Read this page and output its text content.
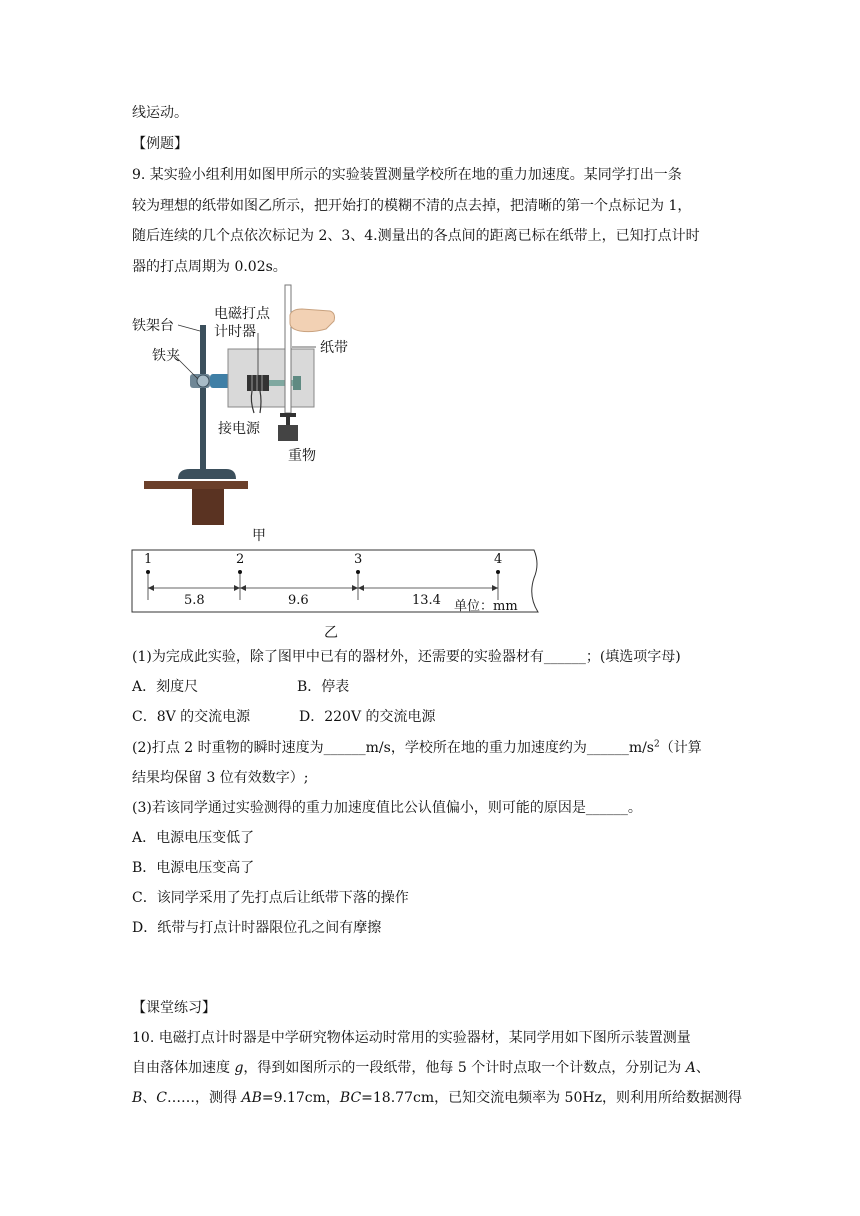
线运动。
【例题】
9. 某实验小组利用如图甲所示的实验装置测量学校所在地的重力加速度。某同学打出一条
较为理想的纸带如图乙所示，把开始打的模糊不清的点去掉，把清晰的第一个点标记为 1，
随后连续的几个点依次标记为 2、3、4.测量出的各点间的距离已标在纸带上，已知打点计时
器的打点周期为 0.02s。
铁架台
铁夹
电磁打点
计时器
纸带
接电源
重物
甲
1	2	3	4
5.8	9.6	13.4 单位：mm
乙
(1)为完成此实验，除了图甲中已有的器材外，还需要的实验器材有______；(填选项字母)
A．刻度尺	B．停表
C．8V 的交流电源	D．220V 的交流电源
(2)打点 2 时重物的瞬时速度为______m/s，学校所在地的重力加速度约为$\_\_\_\_\_\_m/s^2$（计算
结果均保留 3 位有效数字）;
(3)若该同学通过实验测得的重力加速度值比公认值偏小，则可能的原因是______。
A．电源电压变低了
B．电源电压变高了
C．该同学采用了先打点后让纸带下落的操作
D．纸带与打点计时器限位孔之间有摩擦
【课堂练习】
10. 电磁打点计时器是中学研究物体运动时常用的实验器材，某同学用如下图所示装置测量
自由落体加速度 g，得到如图所示的一段纸带，他每 5 个计时点取一个计数点，分别记为 A、
B、C……，测得 AB=9.17cm，BC=18.77cm，已知交流电频率为 50Hz，则利用所给数据测得
